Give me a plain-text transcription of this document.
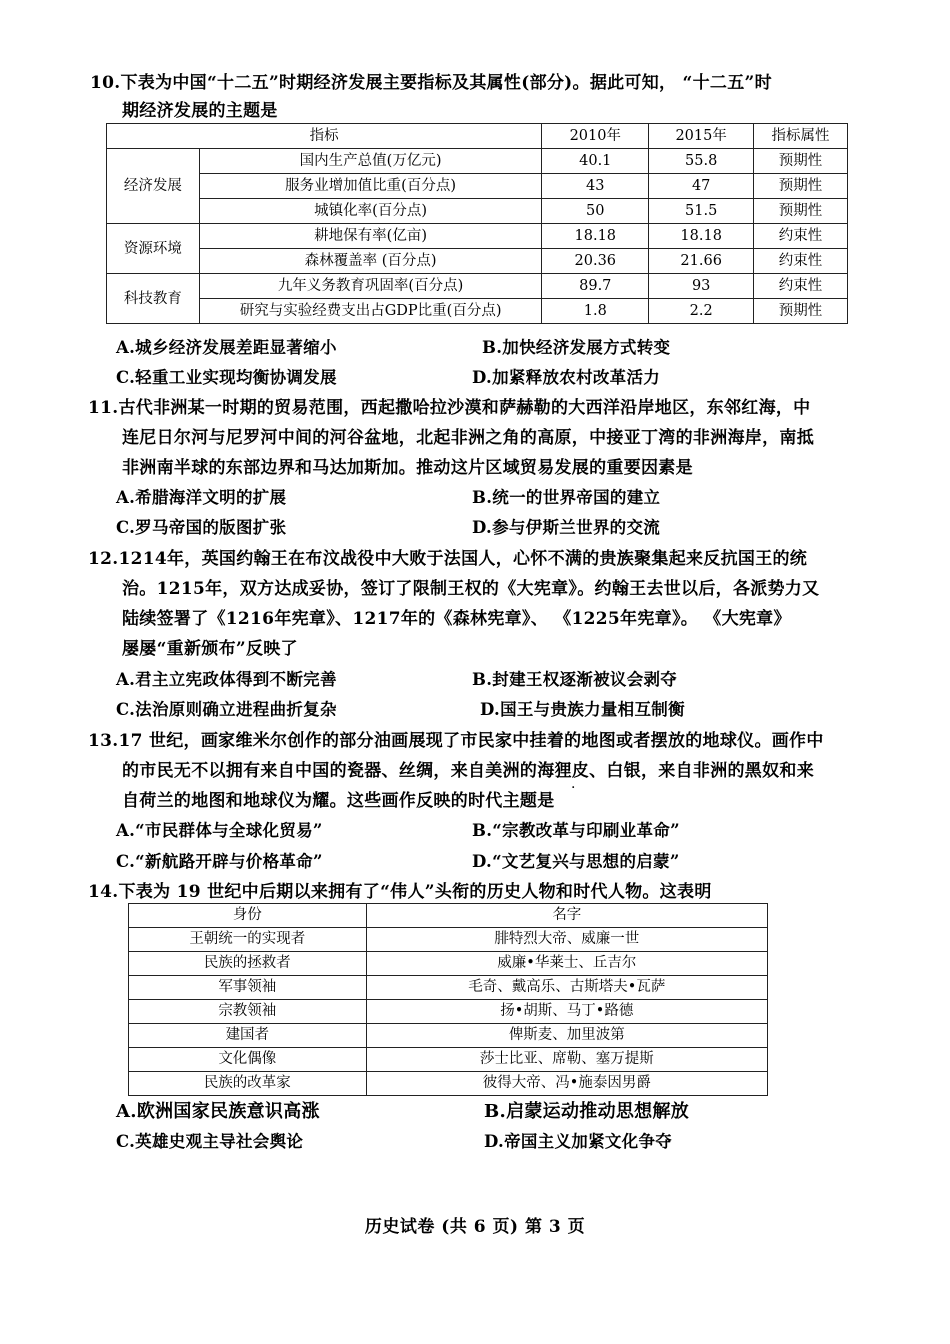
10.下表为中国“十二五”时期经济发展主要指标及其属性(部分)。据此可知， “十二五”时
期经济发展的主题是
指标		2010年	2015年	指标属性
经济发展	国内生产总值(万亿元)	40.1	55.8	预期性
	服务业增加值比重(百分点)	43	47	预期性
	城镇化率(百分点)	50	51.5	预期性
资源环境	耕地保有率(亿亩)	18.18	18.18	约束性
	森林覆盖率 (百分点)	20.36	21.66	约束性
科技教育	九年义务教育巩固率(百分点)	89.7	93	约束性
	研究与实验经费支出占GDP比重(百分点)	1.8	2.2	预期性
A.城乡经济发展差距显著缩小	B.加快经济发展方式转变
C.轻重工业实现均衡协调发展	D.加紧释放农村改革活力
11.古代非洲某一时期的贸易范围，西起撒哈拉沙漠和萨赫勒的大西洋沿岸地区，东邻红海，中
连尼日尔河与尼罗河中间的河谷盆地，北起非洲之角的高原，中接亚丁湾的非洲海岸，南抵
非洲南半球的东部边界和马达加斯加。推动这片区域贸易发展的重要因素是
A.希腊海洋文明的扩展	B.统一的世界帝国的建立
C.罗马帝国的版图扩张	D.参与伊斯兰世界的交流
12.1214年，英国约翰王在布汶战役中大败于法国人，心怀不满的贵族聚集起来反抗国王的统
治。1215年，双方达成妥协，签订了限制王权的《大宪章》。约翰王去世以后，各派势力又
陆续签署了《1216年宪章》、1217年的《森林宪章》、 《1225年宪章》。 《大宪章》
屡屡“重新颁布”反映了
A.君主立宪政体得到不断完善	B.封建王权逐渐被议会剥夺
C.法治原则确立进程曲折复杂	D.国王与贵族力量相互制衡
13.17 世纪，画家维米尔创作的部分油画展现了市民家中挂着的地图或者摆放的地球仪。画作中
的市民无不以拥有来自中国的瓷器、丝绸，来自美洲的海狸皮、白银，来自非洲的黑奴和来
自荷兰的地图和地球仪为耀。这些画作反映的时代主题是
·
A.“市民群体与全球化贸易”	B.“宗教改革与印刷业革命”
C.“新航路开辟与价格革命”	D.“文艺复兴与思想的启蒙”
14.下表为 19 世纪中后期以来拥有了“伟人”头衔的历史人物和时代人物。这表明
身份	名字
王朝统一的实现者	腓特烈大帝、威廉一世
民族的拯救者	威廉•华莱士、丘吉尔
军事领袖	毛奇、戴高乐、古斯塔夫•瓦萨
宗教领袖	扬•胡斯、马丁•路德
建国者	俾斯麦、加里波第
文化偶像	莎士比亚、席勒、塞万提斯
民族的改革家	彼得大帝、冯•施泰因男爵
A.欧洲国家民族意识高涨	B.启蒙运动推动思想解放
C.英雄史观主导社会舆论	D.帝国主义加紧文化争夺
历史试卷 (共 6 页) 第 3 页
